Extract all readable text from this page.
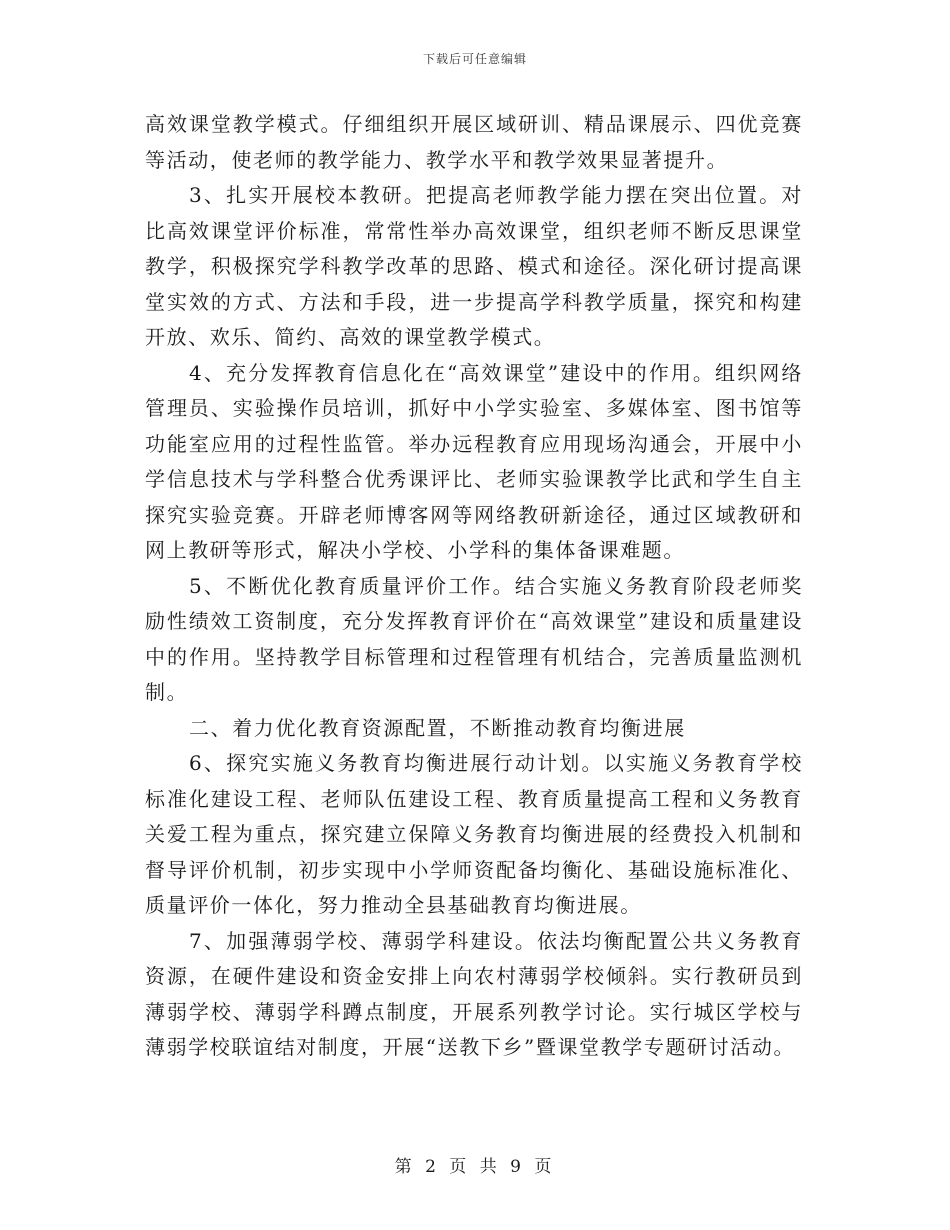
下载后可任意编辑

高效课堂教学模式。仔细组织开展区域研训、精品课展示、四优竞赛等活动，使老师的教学能力、教学水平和教学效果显著提升。

3、扎实开展校本教研。把提高老师教学能力摆在突出位置。对比高效课堂评价标准，常常性举办高效课堂，组织老师不断反思课堂教学，积极探究学科教学改革的思路、模式和途径。深化研讨提高课堂实效的方式、方法和手段，进一步提高学科教学质量，探究和构建开放、欢乐、简约、高效的课堂教学模式。

4、充分发挥教育信息化在“高效课堂”建设中的作用。组织网络管理员、实验操作员培训，抓好中小学实验室、多媒体室、图书馆等功能室应用的过程性监管。举办远程教育应用现场沟通会，开展中小学信息技术与学科整合优秀课评比、老师实验课教学比武和学生自主探究实验竞赛。开辟老师博客网等网络教研新途径，通过区域教研和网上教研等形式，解决小学校、小学科的集体备课难题。

5、不断优化教育质量评价工作。结合实施义务教育阶段老师奖励性绩效工资制度，充分发挥教育评价在“高效课堂”建设和质量建设中的作用。坚持教学目标管理和过程管理有机结合，完善质量监测机制。

二、着力优化教育资源配置，不断推动教育均衡进展

6、探究实施义务教育均衡进展行动计划。以实施义务教育学校标准化建设工程、老师队伍建设工程、教育质量提高工程和义务教育关爱工程为重点，探究建立保障义务教育均衡进展的经费投入机制和督导评价机制，初步实现中小学师资配备均衡化、基础设施标准化、质量评价一体化，努力推动全县基础教育均衡进展。

7、加强薄弱学校、薄弱学科建设。依法均衡配置公共义务教育资源，在硬件建设和资金安排上向农村薄弱学校倾斜。实行教研员到薄弱学校、薄弱学科蹲点制度，开展系列教学讨论。实行城区学校与薄弱学校联谊结对制度，开展“送教下乡”暨课堂教学专题研讨活动。

第 2 页 共 9 页
